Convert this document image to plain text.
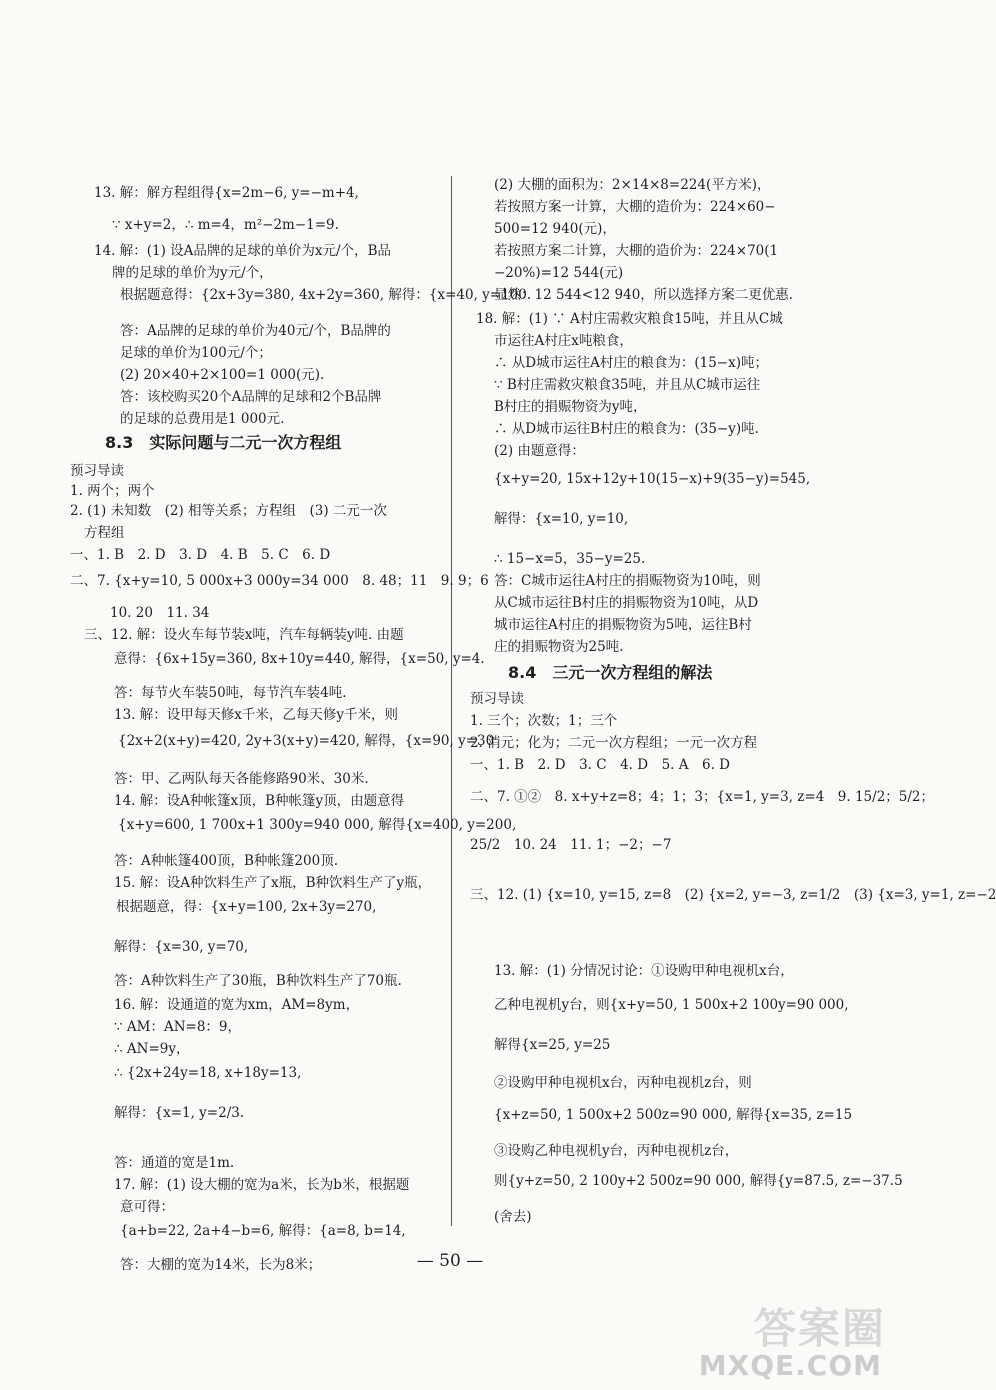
13. 解：解方程组得{x=2m−6, y=−m+4,
∵ x+y=2，∴ m=4，m²−2m−1=9.
14. 解：(1) 设A品牌的足球的单价为x元/个，B品
牌的足球的单价为y元/个，
根据题意得：{2x+3y=380, 4x+2y=360, 解得：{x=40, y=100.
答：A品牌的足球的单价为40元/个，B品牌的
足球的单价为100元/个；
(2) 20×40+2×100=1 000(元).
答：该校购买20个A品牌的足球和2个B品牌
的足球的总费用是1 000元.
8.3　实际问题与二元一次方程组
预习导读
1. 两个；两个
2. (1) 未知数　(2) 相等关系；方程组　(3) 二元一次
方程组
一、1. B　2. D　3. D　4. B　5. C　6. D
二、7. {x+y=10, 5 000x+3 000y=34 000　8. 48；11　9. 9；6
10. 20　11. 34
三、12. 解：设火车每节装x吨，汽车每辆装y吨. 由题
意得：{6x+15y=360, 8x+10y=440, 解得，{x=50, y=4.
答：每节火车装50吨，每节汽车装4吨.
13. 解：设甲每天修x千米，乙每天修y千米，则
{2x+2(x+y)=420, 2y+3(x+y)=420, 解得，{x=90, y=30
答：甲、乙两队每天各能修路90米、30米.
14. 解：设A种帐篷x顶，B种帐篷y顶，由题意得
{x+y=600, 1 700x+1 300y=940 000, 解得{x=400, y=200,
答：A种帐篷400顶，B种帐篷200顶.
15. 解：设A种饮料生产了x瓶，B种饮料生产了y瓶，
根据题意，得：{x+y=100, 2x+3y=270,
解得：{x=30, y=70,
答：A种饮料生产了30瓶，B种饮料生产了70瓶.
16. 解：设通道的宽为xm，AM=8ym，
∵ AM：AN=8：9，
∴ AN=9y，
∴ {2x+24y=18, x+18y=13,
解得：{x=1, y=2/3.
答：通道的宽是1m.
17. 解：(1) 设大棚的宽为a米，长为b米，根据题
意可得：
{a+b=22, 2a+4−b=6, 解得：{a=8, b=14,
答：大棚的宽为14米，长为8米；
(2) 大棚的面积为：2×14×8=224(平方米)，
若按照方案一计算，大棚的造价为：224×60−
500=12 940(元)，
若按照方案二计算，大棚的造价为：224×70(1
−20%)=12 544(元)
显然：12 544<12 940，所以选择方案二更优惠.
18. 解：(1) ∵ A村庄需救灾粮食15吨，并且从C城
市运往A村庄x吨粮食，
∴ 从D城市运往A村庄的粮食为：(15−x)吨；
∵ B村庄需救灾粮食35吨，并且从C城市运往
B村庄的捐赈物资为y吨，
∴ 从D城市运往B村庄的粮食为：(35−y)吨.
(2) 由题意得：
{x+y=20, 15x+12y+10(15−x)+9(35−y)=545,
解得：{x=10, y=10,
∴ 15−x=5，35−y=25.
答：C城市运往A村庄的捐赈物资为10吨，则
从C城市运往B村庄的捐赈物资为10吨，从D
城市运往A村庄的捐赈物资为5吨，运往B村
庄的捐赈物资为25吨.
8.4　三元一次方程组的解法
预习导读
1. 三个；次数；1；三个
2. 消元；化为；二元一次方程组；一元一次方程
一、1. B　2. D　3. C　4. D　5. A　6. D
二、7. ①②　8. x+y+z=8；4；1；3；{x=1, y=3, z=4　9. 15/2；5/2；
25/2　10. 24　11. 1；−2；−7
三、12. (1) {x=10, y=15, z=8　(2) {x=2, y=−3, z=1/2　(3) {x=3, y=1, z=−2
13. 解：(1) 分情况讨论：①设购甲种电视机x台，
乙种电视机y台，则{x+y=50, 1 500x+2 100y=90 000,
解得{x=25, y=25
②设购甲种电视机x台，丙种电视机z台，则
{x+z=50, 1 500x+2 500z=90 000, 解得{x=35, z=15
③设购乙种电视机y台，丙种电视机z台，
则{y+z=50, 2 100y+2 500z=90 000, 解得{y=87.5, z=−37.5
(舍去)
— 50 —
答案圈
MXQE.COM
